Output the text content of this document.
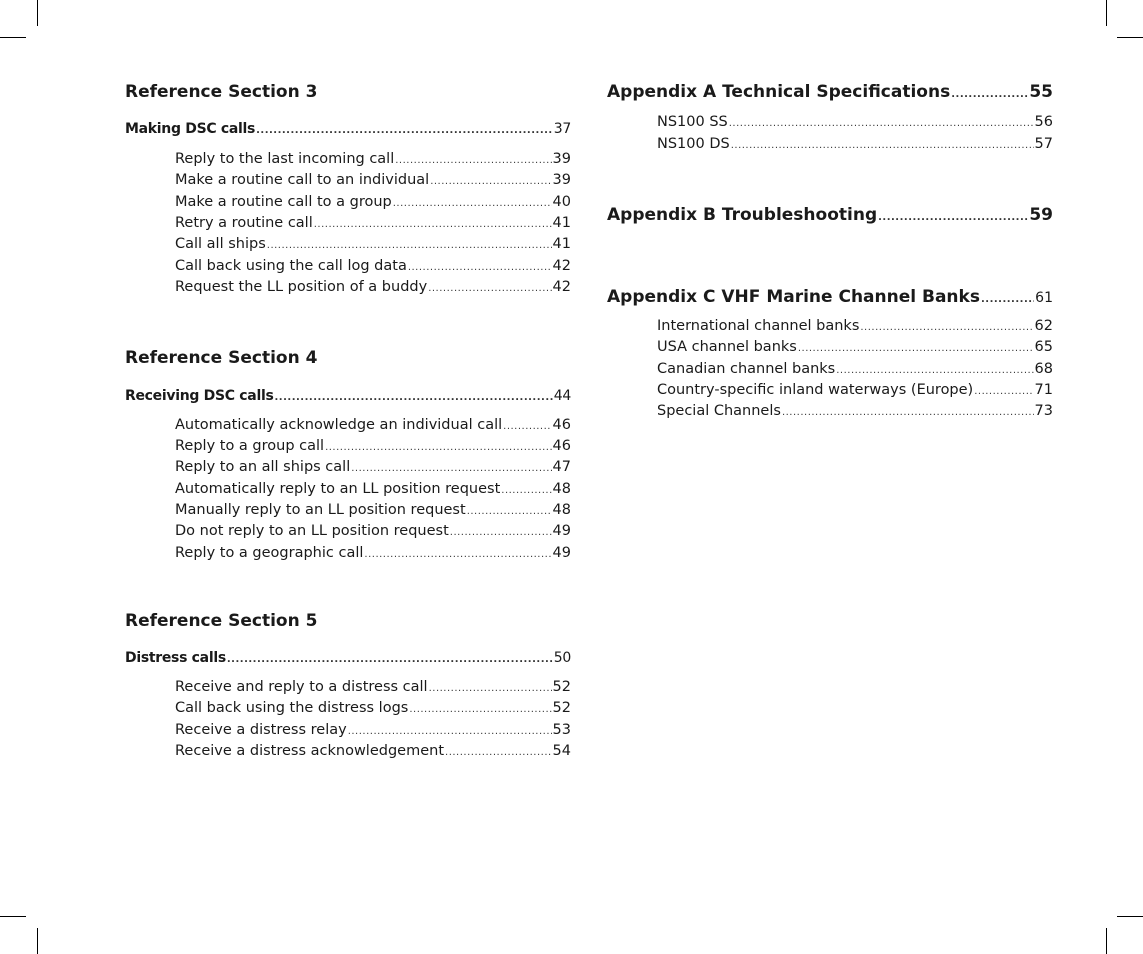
Reference Section 3
Making DSC calls .....	37
Reply to the last incoming call .....	39
Make a routine call to an individual .....	39
Make a routine call to a group .....	40
Retry a routine call .....	41
Call all ships .....	41
Call back using the call log data .....	42
Request the LL position of a buddy .....	42
Reference Section 4
Receiving DSC calls .....	44
Automatically acknowledge an individual call .....	46
Reply to a group call .....	46
Reply to an all ships call .....	47
Automatically reply to an LL position request .....	48
Manually reply to an LL position request .....	48
Do not reply to an LL position request .....	49
Reply to a geographic call .....	49
Reference Section 5
Distress calls .....	50
Receive and reply to a distress call .....	52
Call back using the distress logs .....	52
Receive a distress relay .....	53
Receive a distress acknowledgement .....	54
Appendix A Technical Specifications .....	55
NS100 SS .....	56
NS100 DS .....	57
Appendix B Troubleshooting .....	59
Appendix C VHF Marine Channel Banks .....	61
International channel banks .....	62
USA channel banks .....	65
Canadian channel banks .....	68
Country-specific inland waterways (Europe) .....	71
Special Channels .....	73
